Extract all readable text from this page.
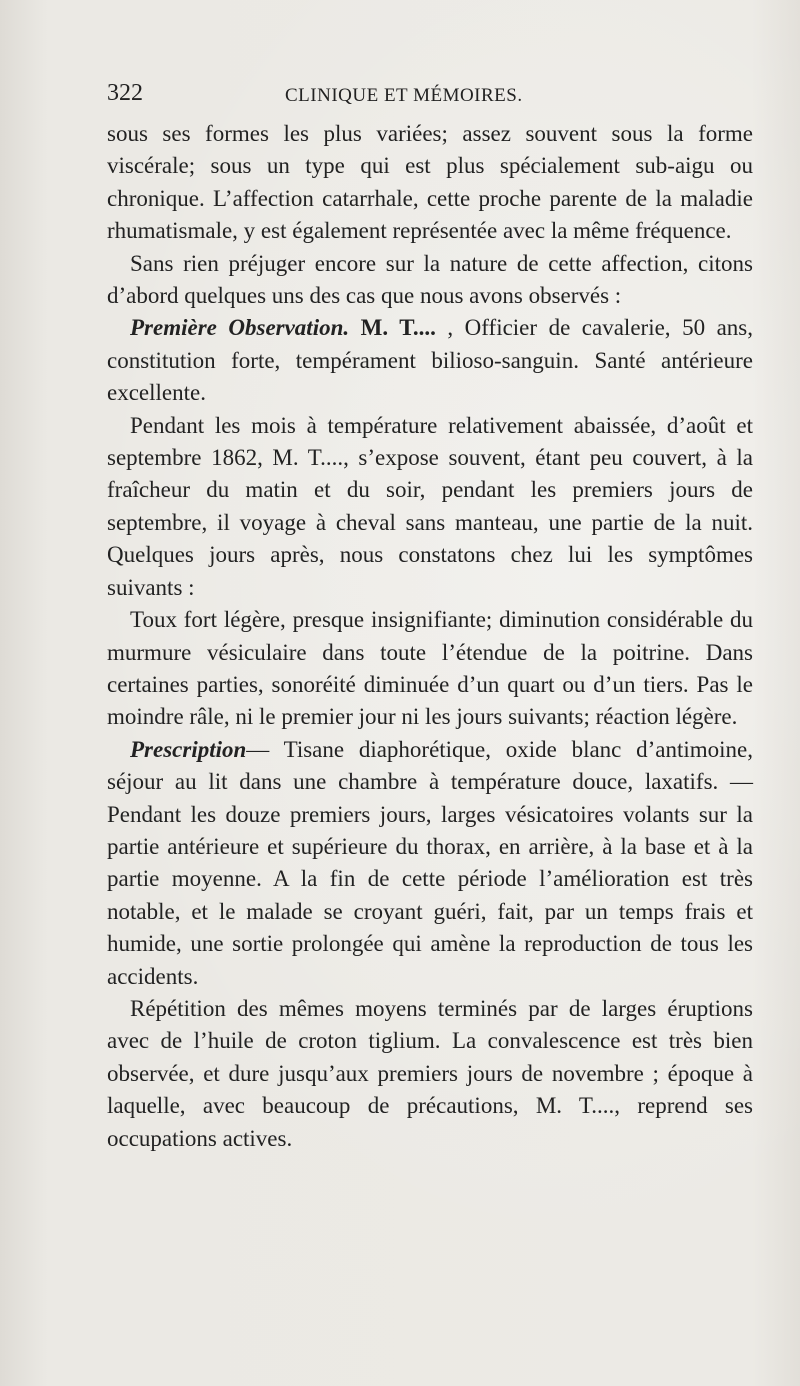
322	CLINIQUE ET MÉMOIRES.

sous ses formes les plus variées; assez souvent sous la forme viscérale; sous un type qui est plus spécialement sub-aigu ou chronique. L’affection catarrhale, cette proche parente de la maladie rhumatismale, y est également représentée avec la même fréquence.

Sans rien préjuger encore sur la nature de cette affection, citons d’abord quelques uns des cas que nous avons observés :

Première Observation. M. T.... , Officier de cavalerie, 50 ans, constitution forte, tempérament bilioso-sanguin. Santé antérieure excellente.

Pendant les mois à température relativement abaissée, d’août et septembre 1862, M. T...., s’expose souvent, étant peu couvert, à la fraîcheur du matin et du soir, pendant les premiers jours de septembre, il voyage à cheval sans manteau, une partie de la nuit. Quelques jours après, nous constatons chez lui les symptômes suivants :

Toux fort légère, presque insignifiante; diminution considérable du murmure vésiculaire dans toute l’étendue de la poitrine. Dans certaines parties, sonoréité diminuée d’un quart ou d’un tiers. Pas le moindre râle, ni le premier jour ni les jours suivants; réaction légère.

Prescription— Tisane diaphorétique, oxide blanc d’antimoine, séjour au lit dans une chambre à température douce, laxatifs. — Pendant les douze premiers jours, larges vésicatoires volants sur la partie antérieure et supérieure du thorax, en arrière, à la base et à la partie moyenne. A la fin de cette période l’amélioration est très notable, et le malade se croyant guéri, fait, par un temps frais et humide, une sortie prolongée qui amène la reproduction de tous les accidents.

Répétition des mêmes moyens terminés par de larges éruptions avec de l’huile de croton tiglium. La convalescence est très bien observée, et dure jusqu’aux premiers jours de novembre ; époque à laquelle, avec beaucoup de précautions, M. T...., reprend ses occupations actives.
